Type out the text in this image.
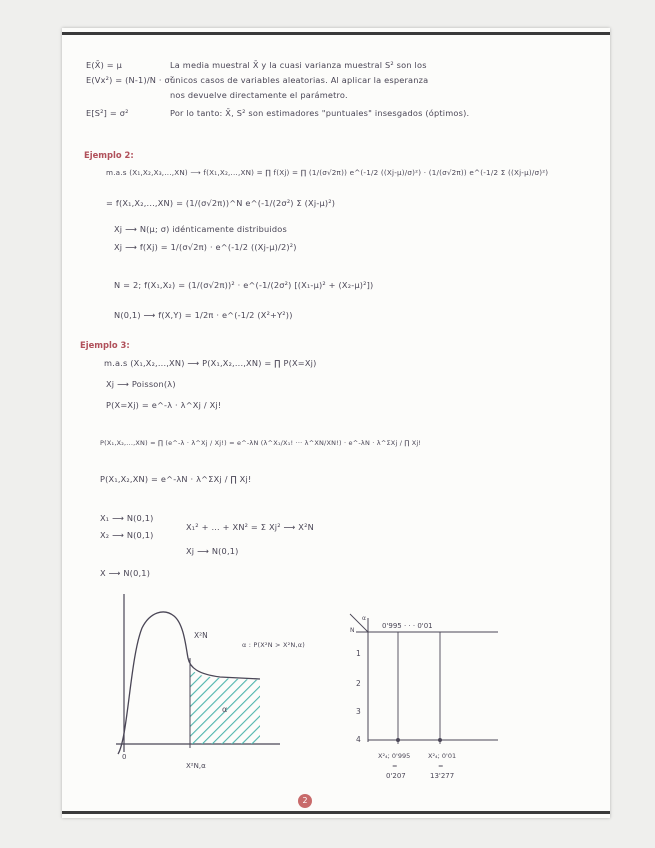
E(X̄) = μ	La media muestral X̄ y la cuasi varianza muestral S² son los
E(Vx²) = (N-1)/N · σ²
únicos casos de variables aleatorias. Al aplicar la esperanza
nos devuelve directamente el parámetro.
E[S²] = σ²	Por lo tanto: X̄, S² son estimadores "puntuales" insesgados (óptimos).
Ejemplo 2:
m.a.s (X₁,X₂,X₃,...,XN) ⟶ f(X₁,X₂,...,XN) = ∏ f(Xj) = ∏ (1/(σ√2π)) e^(-1/2 ((Xj-μ)/σ)²) · (1/(σ√2π)) e^(-1/2 Σ ((Xj-μ)/σ)²)
= f(X₁,X₂,...,XN) = (1/(σ√2π))^N e^(-1/(2σ²) Σ (Xj-μ)²)
Xj ⟶ N(μ; σ) idénticamente distribuidos
Xj ⟶ f(Xj) = 1/(σ√2π) · e^(-1/2 ((Xj-μ)/2)²)
N = 2; f(X₁,X₂) = (1/(σ√2π))² · e^(-1/(2σ²) [(X₁-μ)² + (X₂-μ)²])
N(0,1) ⟶ f(X,Y) = 1/2π · e^(-1/2 (X²+Y²))
Ejemplo 3:
m.a.s (X₁,X₂,...,XN) ⟶ P(X₁,X₂,...,XN) = ∏ P(X=Xj)
Xj ⟶ Poisson(λ)
P(X=Xj) = e^-λ · λ^Xj / Xj!
P(X₁,X₂,...,XN) = ∏ (e^-λ · λ^Xj / Xj!) = e^-λN (λ^X₁/X₁! ··· λ^XN/XN!) · e^-λN · λ^ΣXj / ∏ Xj!
P(X₁,X₂,XN) = e^-λN · λ^ΣXj / ∏ Xj!
X₁ ⟶ N(0,1)
X₂ ⟶ N(0,1)
X₁² + ... + XN² = Σ Xj² ⟶ X²N
Xj ⟶ N(0,1)
X ⟶ N(0,1)
X²N
α
0
X²N,α
α : P(X²N > X²N,α)
α
N
0'995 · · · 0'01
1
2
3
4
X²₄; 0'995
=
0'207
X²₄; 0'01
=
13'277
2
